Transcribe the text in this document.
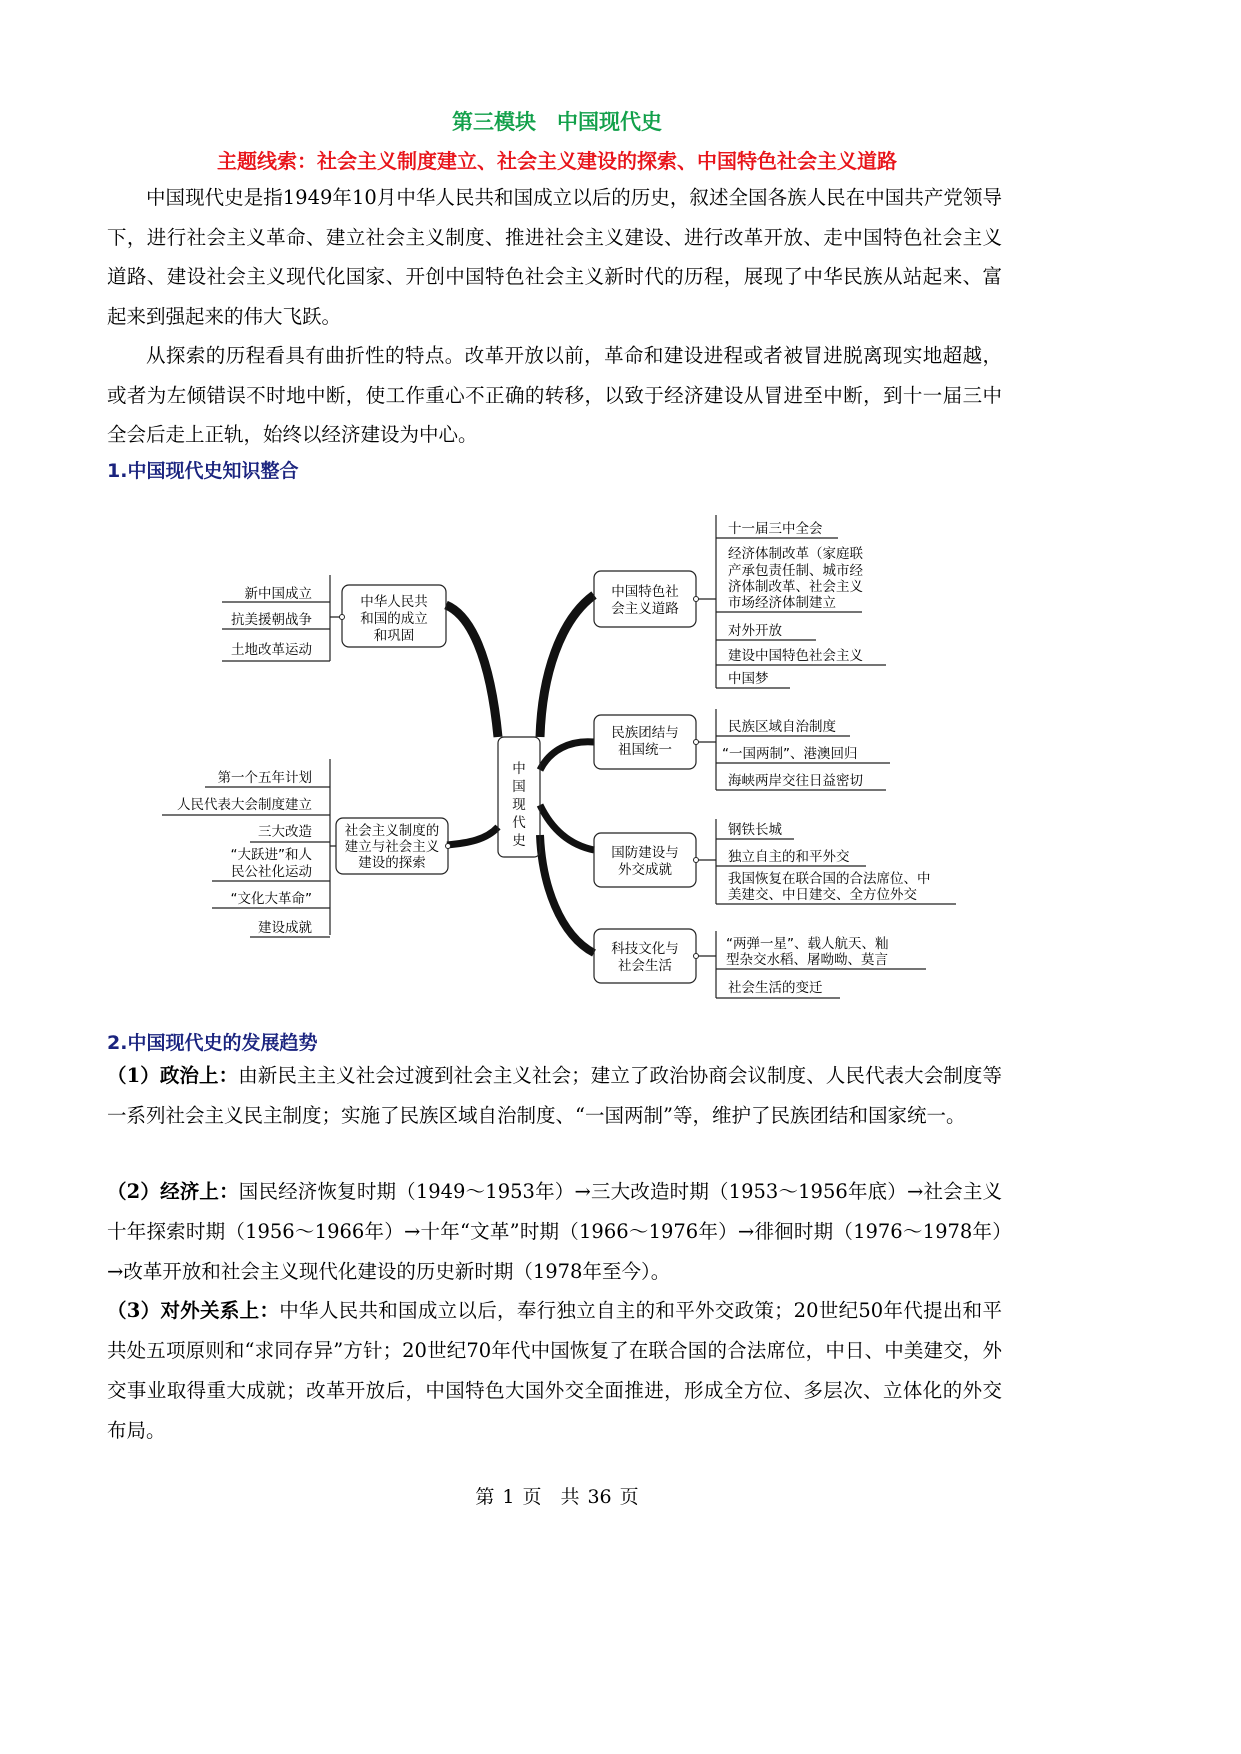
第三模块　中国现代史
主题线索：社会主义制度建立、社会主义建设的探索、中国特色社会主义道路

中国现代史是指1949年10月中华人民共和国成立以后的历史，叙述全国各族人民在中国共产党领导下，进行社会主义革命、建立社会主义制度、推进社会主义建设、进行改革开放、走中国特色社会主义道路、建设社会主义现代化国家、开创中国特色社会主义新时代的历程，展现了中华民族从站起来、富起来到强起来的伟大飞跃。

从探索的历程看具有曲折性的特点。改革开放以前，革命和建设进程或者被冒进脱离现实地超越，或者为左倾错误不时地中断，使工作重心不正确的转移，以致于经济建设从冒进至中断，到十一届三中全会后走上正轨，始终以经济建设为中心。

1.中国现代史知识整合
中
国
现
代
史
中华人民共
和国的成立
和巩固
新中国成立
抗美援朝战争
土地改革运动
社会主义制度的
建立与社会主义
建设的探索
第一个五年计划
人民代表大会制度建立
三大改造
“大跃进”和人
民公社化运动
“文化大革命”
建设成就
中国特色社
会主义道路
十一届三中全会
经济体制改革（家庭联
产承包责任制、城市经
济体制改革、社会主义
市场经济体制建立
对外开放
建设中国特色社会主义
中国梦
民族团结与
祖国统一
民族区域自治制度
“一国两制”、港澳回归
海峡两岸交往日益密切
国防建设与
外交成就
钢铁长城
独立自主的和平外交
我国恢复在联合国的合法席位、中
美建交、中日建交、全方位外交
科技文化与
社会生活
“两弹一星”、载人航天、籼
型杂交水稻、屠呦呦、莫言
社会生活的变迁
2.中国现代史的发展趋势

（1）政治上：由新民主主义社会过渡到社会主义社会；建立了政治协商会议制度、人民代表大会制度等一系列社会主义民主制度；实施了民族区域自治制度、“一国两制”等，维护了民族团结和国家统一。

（2）经济上：国民经济恢复时期（1949～1953年）→三大改造时期（1953～1956年底）→社会主义十年探索时期（1956～1966年）→十年“文革”时期（1966～1976年）→徘徊时期（1976～1978年）→改革开放和社会主义现代化建设的历史新时期（1978年至今）。

（3）对外关系上：中华人民共和国成立以后，奉行独立自主的和平外交政策；20世纪50年代提出和平共处五项原则和“求同存异”方针；20世纪70年代中国恢复了在联合国的合法席位，中日、中美建交，外交事业取得重大成就；改革开放后，中国特色大国外交全面推进，形成全方位、多层次、立体化的外交布局。

第 1 页　共 36 页
